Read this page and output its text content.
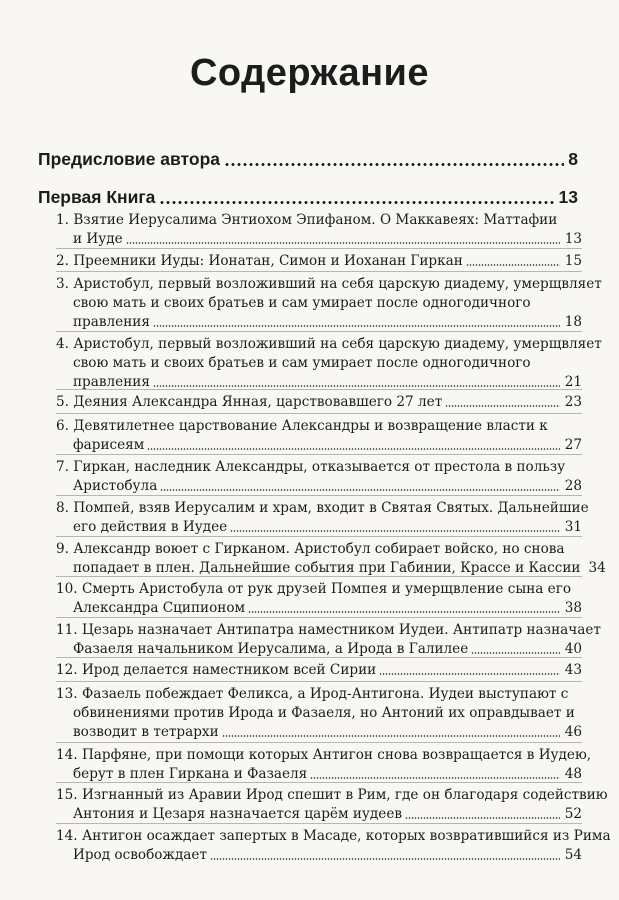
Содержание
Предисловие автора	8
Первая Книга	13
1. Взятие Иерусалима Энтиохом Эпифаном. О Маккавеях: Маттафии
и Иуде	13
2.
Преемники Иуды: Ионатан, Симон и Иоханан Гиркан	15
3. Аристобул, первый возложивший на себя царскую диадему, умерщвляет
свою мать и своих братьев и сам умирает после одногодичного
правления	18
4. Аристобул, первый возложивший на себя царскую диадему, умерщвляет
свою мать и своих братьев и сам умирает после одногодичного
правления	21
5.
Деяния Александра Янная, царствовавшего 27 лет	23
6. Девятилетнее царствование Александры и возвращение власти к
фарисеям	27
7. Гиркан, наследник Александры, отказывается от престола в пользу
Аристобула	28
8. Помпей, взяв Иерусалим и храм, входит в Святая Святых. Дальнейшие
его действия в Иудее	31
9. Александр воюет с Гирканом. Аристобул собирает войско, но снова
попадает в плен. Дальнейшие события при Габинии, Крассе и Кассии 34
10. Смерть Аристобула от рук друзей Помпея и умерщвление сына его
Александра Сципионом	38
11. Цезарь назначает Антипатра наместником Иудеи. Антипатр назначает
Фазаеля начальником Иерусалима, а Ирода в Галилее	40
12.
Ирод делается наместником всей Сирии	43
13. Фазаель побеждает Феликса, а Ирод-Антигона. Иудеи выступают с
обвинениями против Ирода и Фазаеля, но Антоний их оправдывает и
возводит в тетрархи	46
14. Парфяне, при помощи которых Антигон снова возвращается в Иудею,
берут в плен Гиркана и Фазаеля	48
15. Изгнанный из Аравии Ирод спешит в Рим, где он благодаря содействию
Антония и Цезаря назначается царём иудеев	52
14. Антигон осаждает запертых в Масаде, которых возвратившийся из Рима
Ирод освобождает	54
